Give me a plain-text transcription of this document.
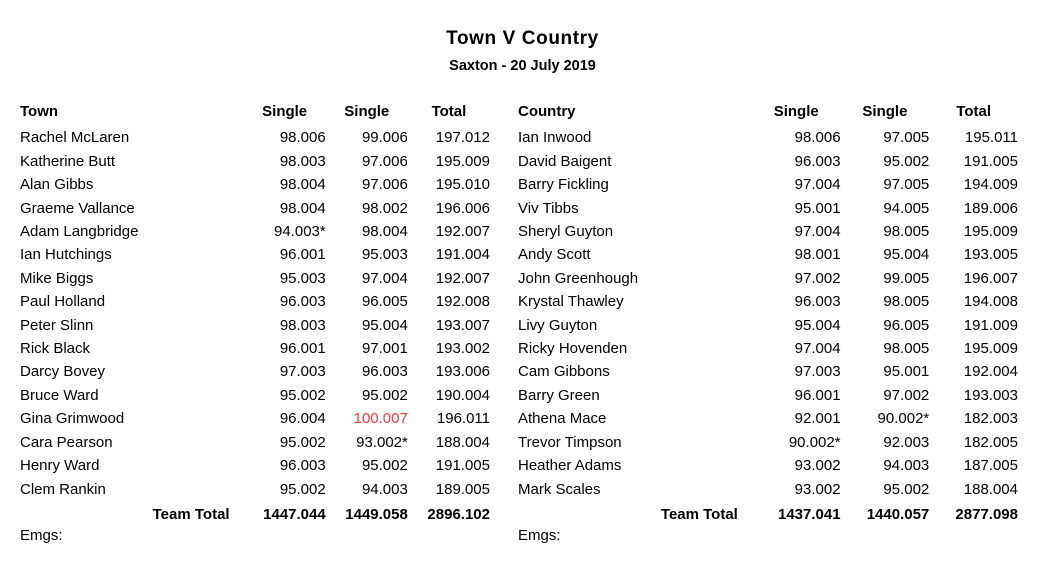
Town V Country
Saxton - 20 July 2019
Town	Single	Single	Total
Rachel McLaren	98.006	99.006	197.012
Katherine Butt	98.003	97.006	195.009
Alan Gibbs	98.004	97.006	195.010
Graeme Vallance	98.004	98.002	196.006
Adam Langbridge	94.003*	98.004	192.007
Ian Hutchings	96.001	95.003	191.004
Mike Biggs	95.003	97.004	192.007
Paul Holland	96.003	96.005	192.008
Peter Slinn	98.003	95.004	193.007
Rick Black	96.001	97.001	193.002
Darcy Bovey	97.003	96.003	193.006
Bruce Ward	95.002	95.002	190.004
Gina Grimwood	96.004	100.007	196.011
Cara Pearson	95.002	93.002*	188.004
Henry Ward	96.003	95.002	191.005
Clem Rankin	95.002	94.003	189.005
Team Total	1447.044	1449.058	2896.102
Country	Single	Single	Total
Ian Inwood	98.006	97.005	195.011
David Baigent	96.003	95.002	191.005
Barry Fickling	97.004	97.005	194.009
Viv Tibbs	95.001	94.005	189.006
Sheryl Guyton	97.004	98.005	195.009
Andy Scott	98.001	95.004	193.005
John Greenhough	97.002	99.005	196.007
Krystal Thawley	96.003	98.005	194.008
Livy Guyton	95.004	96.005	191.009
Ricky Hovenden	97.004	98.005	195.009
Cam Gibbons	97.003	95.001	192.004
Barry Green	96.001	97.002	193.003
Athena Mace	92.001	90.002*	182.003
Trevor Timpson	90.002*	92.003	182.005
Heather Adams	93.002	94.003	187.005
Mark Scales	93.002	95.002	188.004
Team Total	1437.041	1440.057	2877.098
Emgs:	Emgs:
